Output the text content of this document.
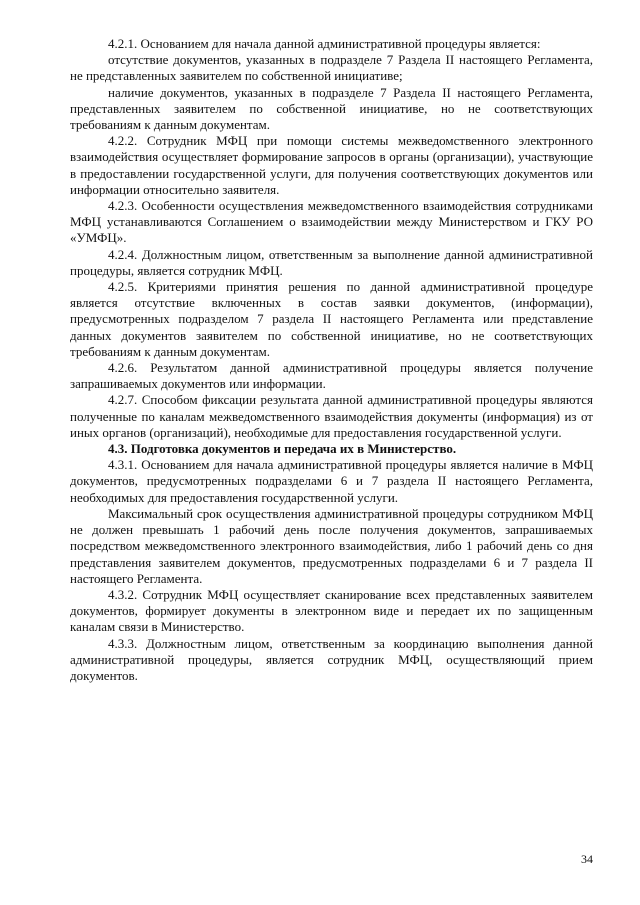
4.2.1. Основанием для начала данной административной процедуры является:

отсутствие документов, указанных в подразделе 7 Раздела II настоящего Регламента, не представленных заявителем по собственной инициативе;

наличие документов, указанных в подразделе 7 Раздела II настоящего Регламента, представленных заявителем по собственной инициативе, но не соответствующих требованиям к данным документам.

4.2.2. Сотрудник МФЦ при помощи системы межведомственного электронного взаимодействия осуществляет формирование запросов в органы (организации), участвующие в предоставлении государственной услуги, для получения соответствующих документов или информации относительно заявителя.

4.2.3. Особенности осуществления межведомственного взаимодействия сотрудниками МФЦ устанавливаются Соглашением о взаимодействии между Министерством и ГКУ РО «УМФЦ».

4.2.4. Должностным лицом, ответственным за выполнение данной административной процедуры, является сотрудник МФЦ.

4.2.5. Критериями принятия решения по данной административной процедуре является отсутствие включенных в состав заявки документов, (информации), предусмотренных подразделом 7 раздела II настоящего Регламента или представление данных документов заявителем по собственной инициативе, но не соответствующих требованиям к данным документам.

4.2.6. Результатом данной административной процедуры является получение запрашиваемых документов или информации.

4.2.7. Способом фиксации результата данной административной процедуры являются полученные по каналам межведомственного взаимодействия документы (информация) из от иных органов (организаций), необходимые для предоставления государственной услуги.

4.3. Подготовка документов и передача их в Министерство.

4.3.1. Основанием для начала административной процедуры является наличие в МФЦ документов, предусмотренных подразделами 6 и 7 раздела II настоящего Регламента, необходимых для предоставления государственной услуги.

Максимальный срок осуществления административной процедуры сотрудником МФЦ не должен превышать 1 рабочий день после получения документов, запрашиваемых посредством межведомственного электронного взаимодействия, либо 1 рабочий день со дня представления заявителем документов, предусмотренных подразделами 6 и 7 раздела II настоящего Регламента.

4.3.2. Сотрудник МФЦ осуществляет сканирование всех представленных заявителем документов, формирует документы в электронном виде и передает их по защищенным каналам связи в Министерство.

4.3.3. Должностным лицом, ответственным за координацию выполнения данной административной процедуры, является сотрудник МФЦ, осуществляющий прием документов.

34
